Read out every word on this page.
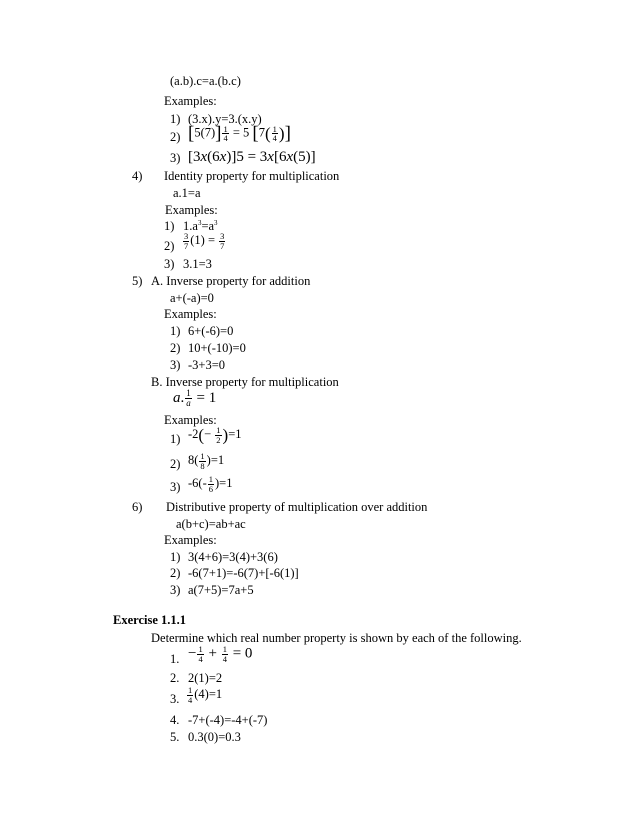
(a.b).c=a.(b.c)
Examples:
1) (3.x).y=3.(x.y)
2) $[5(7)] \frac{1}{4} = 5$ [$7( \frac{1}{4}$ )]
3) [3x(6x)]5 = 3x[6x(5)]
4) Identity property for multiplication
a.1=a
Examples:
1) $1.a^3=a^3$
$2) \frac{3}{7} (1) = \frac{3}{7}$
3) 3.1=3
5) A. Inverse property for addition
a+(-a)=0
Examples:
1) 6+(-6)=0
2) 10+(-10)=0
3) -3+3=0
B. Inverse property for multiplication
a. $\frac{1}{a} = 1$
Examples:
1) $-2(- \frac{1}{2} )=1$
2) $8( \frac{1}{8} )=1$
3) $-6(- \frac{1}{6} )=1$
6) Distributive property of multiplication over addition
a(b+c)=ab+ac
Examples:
1) 3(4+6)=3(4)+3(6)
2) -6(7+1)=-6(7)+[-6(1)]
3) a(7+5)=7a+5
Exercise 1.1.1
Determine which real number property is shown by each of the following.
1. − $\frac{1}{4} + \frac{1}{4} = 0$
2. 2(1)=2
3. $\frac{1}{4} (4)=1$
4. -7+(-4)=-4+(-7)
5. 0.3(0)=0.3
